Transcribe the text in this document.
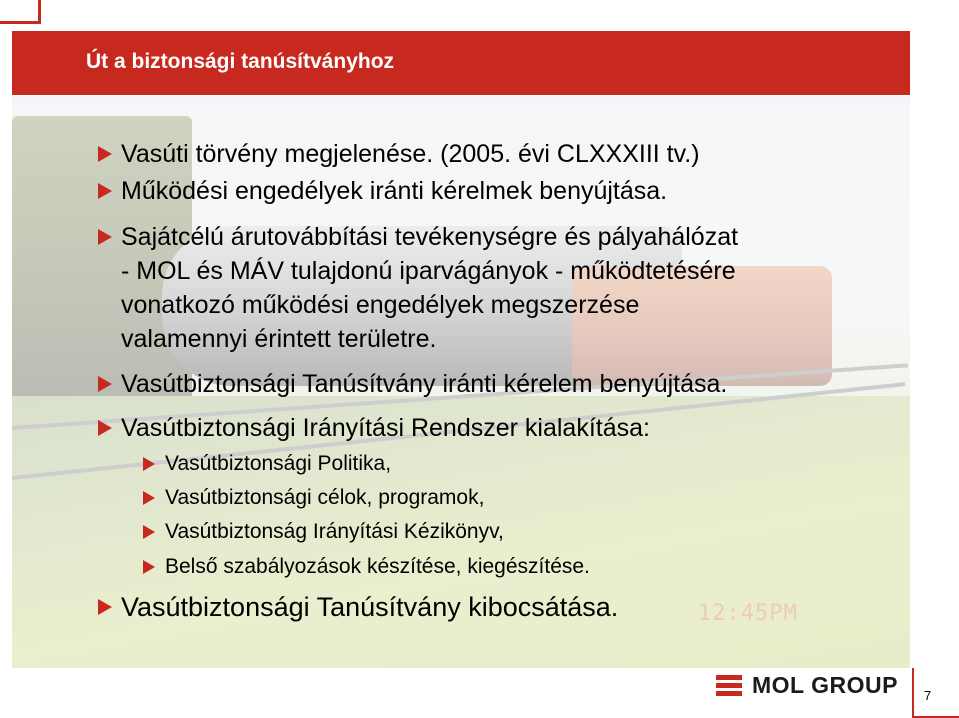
Út a biztonsági tanúsítványhoz
12:45PM
Vasúti törvény megjelenése. (2005. évi CLXXXIII tv.)
Működési engedélyek iránti kérelmek benyújtása.
Sajátcélú árutovábbítási tevékenységre és pályahálózat
- MOL és MÁV tulajdonú iparvágányok - működtetésére
vonatkozó működési engedélyek megszerzése
valamennyi érintett területre.
Vasútbiztonsági Tanúsítvány iránti kérelem benyújtása.
Vasútbiztonsági Irányítási Rendszer kialakítása:
Vasútbiztonsági Politika,
Vasútbiztonsági célok, programok,
Vasútbiztonság Irányítási Kézikönyv,
Belső szabályozások készítése, kiegészítése.
Vasútbiztonsági Tanúsítvány kibocsátása.
MOL GROUP 7
